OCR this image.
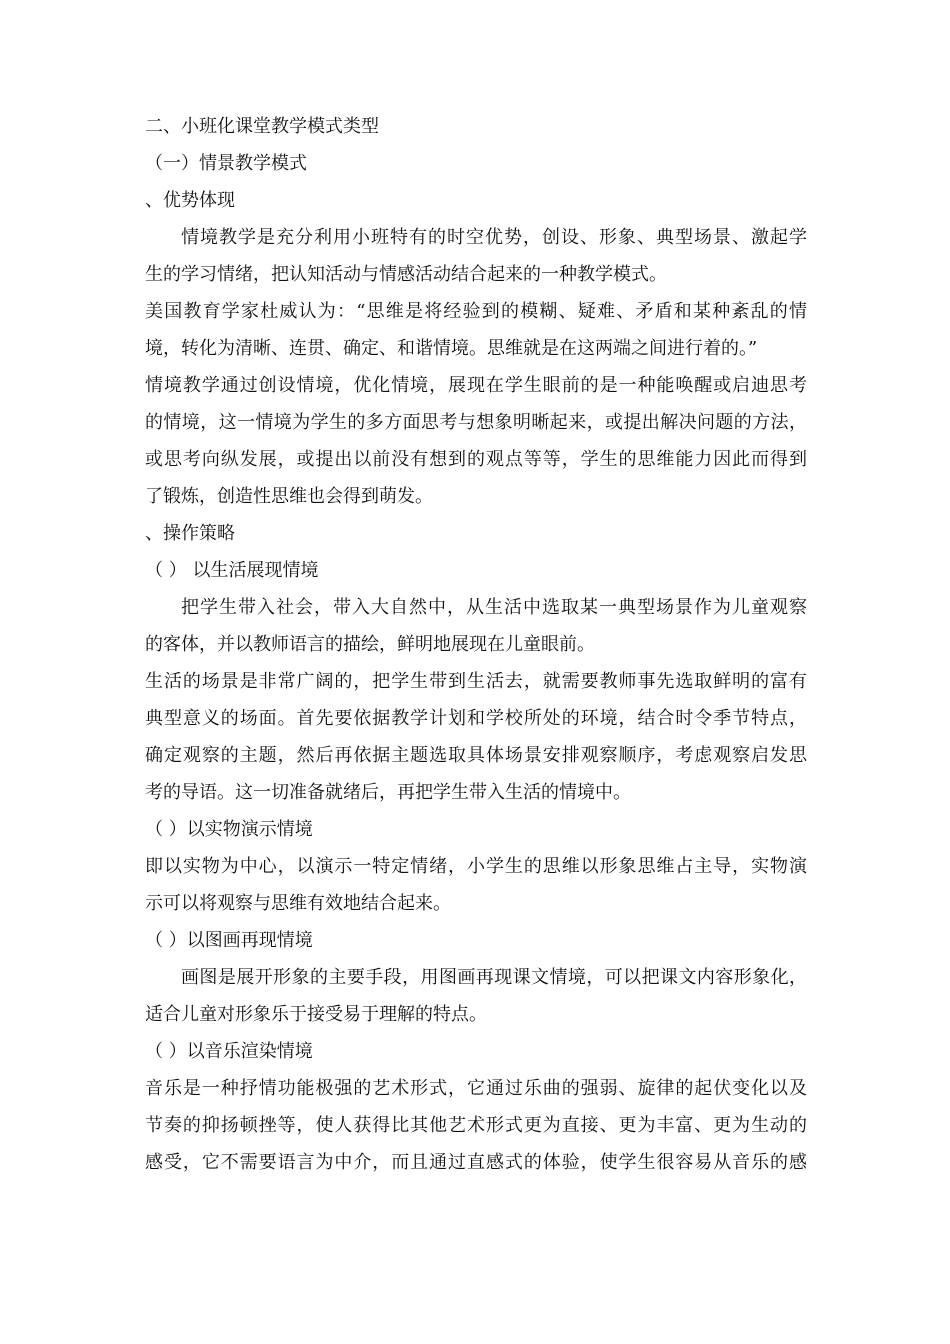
二、小班化课堂教学模式类型
（一）情景教学模式
、优势体现
情境教学是充分利用小班特有的时空优势，创设、形象、典型场景、激起学
生的学习情绪，把认知活动与情感活动结合起来的一种教学模式。
美国教育学家杜威认为：“思维是将经验到的模糊、疑难、矛盾和某种紊乱的情
境，转化为清晰、连贯、确定、和谐情境。思维就是在这两端之间进行着的。”
情境教学通过创设情境，优化情境，展现在学生眼前的是一种能唤醒或启迪思考
的情境，这一情境为学生的多方面思考与想象明晰起来，或提出解决问题的方法，
或思考向纵发展，或提出以前没有想到的观点等等，学生的思维能力因此而得到
了锻炼，创造性思维也会得到萌发。
、操作策略
（ ） 以生活展现情境
把学生带入社会，带入大自然中，从生活中选取某一典型场景作为儿童观察
的客体，并以教师语言的描绘，鲜明地展现在儿童眼前。
生活的场景是非常广阔的，把学生带到生活去，就需要教师事先选取鲜明的富有
典型意义的场面。首先要依据教学计划和学校所处的环境，结合时令季节特点，
确定观察的主题，然后再依据主题选取具体场景安排观察顺序，考虑观察启发思
考的导语。这一切准备就绪后，再把学生带入生活的情境中。
（ ）以实物演示情境
即以实物为中心，以演示一特定情绪，小学生的思维以形象思维占主导，实物演
示可以将观察与思维有效地结合起来。
（ ）以图画再现情境
画图是展开形象的主要手段，用图画再现课文情境，可以把课文内容形象化，
适合儿童对形象乐于接受易于理解的特点。
（ ）以音乐渲染情境
音乐是一种抒情功能极强的艺术形式，它通过乐曲的强弱、旋律的起伏变化以及
节奏的抑扬顿挫等，使人获得比其他艺术形式更为直接、更为丰富、更为生动的
感受，它不需要语言为中介，而且通过直感式的体验，使学生很容易从音乐的感
